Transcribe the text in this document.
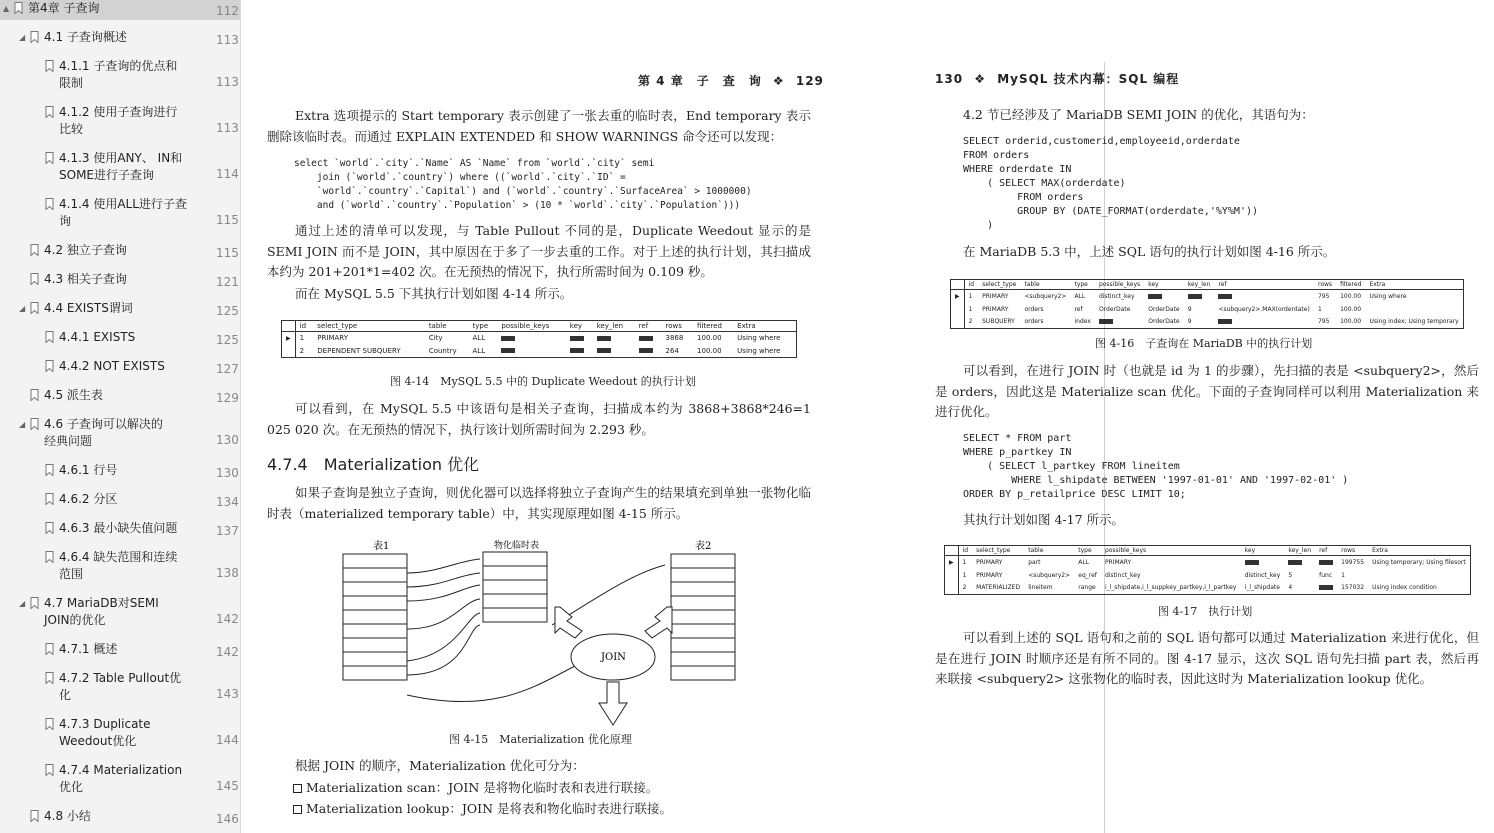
▲ 第4章 子查询	112
◢ 4.1 子查询概述	113
4.1.1 子查询的优点和限制	113
4.1.2 使用子查询进行比较	113
4.1.3 使用ANY、 IN和SOME进行子查询	114
4.1.4 使用ALL进行子查询	115
4.2 独立子查询	115
4.3 相关子查询	121
◢ 4.4 EXISTS谓词	125
4.4.1 EXISTS	125
4.4.2 NOT EXISTS	127
4.5 派生表	129
◢ 4.6 子查询可以解决的经典问题	130
4.6.1 行号	130
4.6.2 分区	134
4.6.3 最小缺失值问题	137
4.6.4 缺失范围和连续范围	138
◢ 4.7 MariaDB对SEMI JOIN的优化	142
4.7.1 概述	142
4.7.2 Table Pullout优化	143
4.7.3 Duplicate Weedout优化	144
4.7.4 Materialization优化	145
4.8 小结	146
第 4 章　子　查　询 ❖ 129
Extra 选项提示的 Start temporary 表示创建了一张去重的临时表，End temporary 表示删除该临时表。而通过 EXPLAIN EXTENDED 和 SHOW WARNINGS 命令还可以发现：
select `world`.`city`.`Name` AS `Name` from `world`.`city` semi
join (`world`.`country`) where ((`world`.`city`.`ID` =
`world`.`country`.`Capital`) and (`world`.`country`.`SurfaceArea` > 1000000)
and (`world`.`country`.`Population` > (10 * `world`.`city`.`Population`)))
通过上述的清单可以发现，与 Table Pullout 不同的是，Duplicate Weedout 显示的是 SEMI JOIN 而不是 JOIN，其中原因在于多了一步去重的工作。对于上述的执行计划，其扫描成本约为 201+201*1=402 次。在无预热的情况下，执行所需时间为 0.109 秒。
而在 MySQL 5.5 下其执行计划如图 4-14 所示。
	id	select_type	table	type	possible_keys	key	key_len	ref	rows	filtered	Extra
▶	1	PRIMARY	City	ALL					3868	100.00	Using where
	2	DEPENDENT SUBQUERY	Country	ALL					264	100.00	Using where
图 4-14　MySQL 5.5 中的 Duplicate Weedout 的执行计划
可以看到，在 MySQL 5.5 中该语句是相关子查询，扫描成本约为 3868+3868*246=1 025 020 次。在无预热的情况下，执行该计划所需时间为 2.293 秒。
4.7.4　Materialization 优化
如果子查询是独立子查询，则优化器可以选择将独立子查询产生的结果填充到单独一张物化临时表（materialized temporary table）中，其实现原理如图 4-15 所示。
表1	物化临时表	表2
JOIN
图 4-15　Materialization 优化原理
根据 JOIN 的顺序，Materialization 优化可分为：
Materialization scan：JOIN 是将物化临时表和表进行联接。
Materialization lookup：JOIN 是将表和物化临时表进行联接。
130 ❖ MySQL 技术内幕：SQL 编程
4.2 节已经涉及了 MariaDB SEMI JOIN 的优化，其语句为：
SELECT orderid,customerid,employeeid,orderdate
FROM orders
WHERE orderdate IN
( SELECT MAX(orderdate)
FROM orders
GROUP BY (DATE_FORMAT(orderdate,'%Y%M'))
)
在 MariaDB 5.3 中，上述 SQL 语句的执行计划如图 4-16 所示。
	id	select_type	table	type	possible_keys	key	key_len	ref	rows	filtered	Extra
▶	1	PRIMARY	<subquery2>	ALL	distinct_key				795	100.00	Using where
	1	PRIMARY	orders	ref	OrderDate	OrderDate	9	<subquery2>.MAX(orderdate)	1	100.00	
	2	SUBQUERY	orders	index		OrderDate	9		795	100.00	Using index; Using temporary
图 4-16　子查询在 MariaDB 中的执行计划
可以看到，在进行 JOIN 时（也就是 id 为 1 的步骤），先扫描的表是 <subquery2>，然后是 orders，因此这是 Materialize scan 优化。下面的子查询同样可以利用 Materialization 来进行优化。
SELECT * FROM part
WHERE p_partkey IN
( SELECT l_partkey FROM lineitem
WHERE l_shipdate BETWEEN '1997-01-01' AND '1997-02-01' )
ORDER BY p_retailprice DESC LIMIT 10;
其执行计划如图 4-17 所示。
	id	select_type	table	type	possible_keys	key	key_len	ref	rows	Extra
▶	1	PRIMARY	part	ALL	PRIMARY				199755	Using temporary; Using filesort
	1	PRIMARY	<subquery2>	eq_ref	distinct_key	distinct_key	5	func	1	
	2	MATERIALIZED	lineitem	range	i_l_shipdate,i_l_suppkey_partkey,i_l_partkey	i_l_shipdate	4		157032	Using index condition
图 4-17　执行计划
可以看到上述的 SQL 语句和之前的 SQL 语句都可以通过 Materialization 来进行优化，但是在进行 JOIN 时顺序还是有所不同的。图 4-17 显示，这次 SQL 语句先扫描 part 表，然后再来联接 <subquery2> 这张物化的临时表，因此这时为 Materialization lookup 优化。
